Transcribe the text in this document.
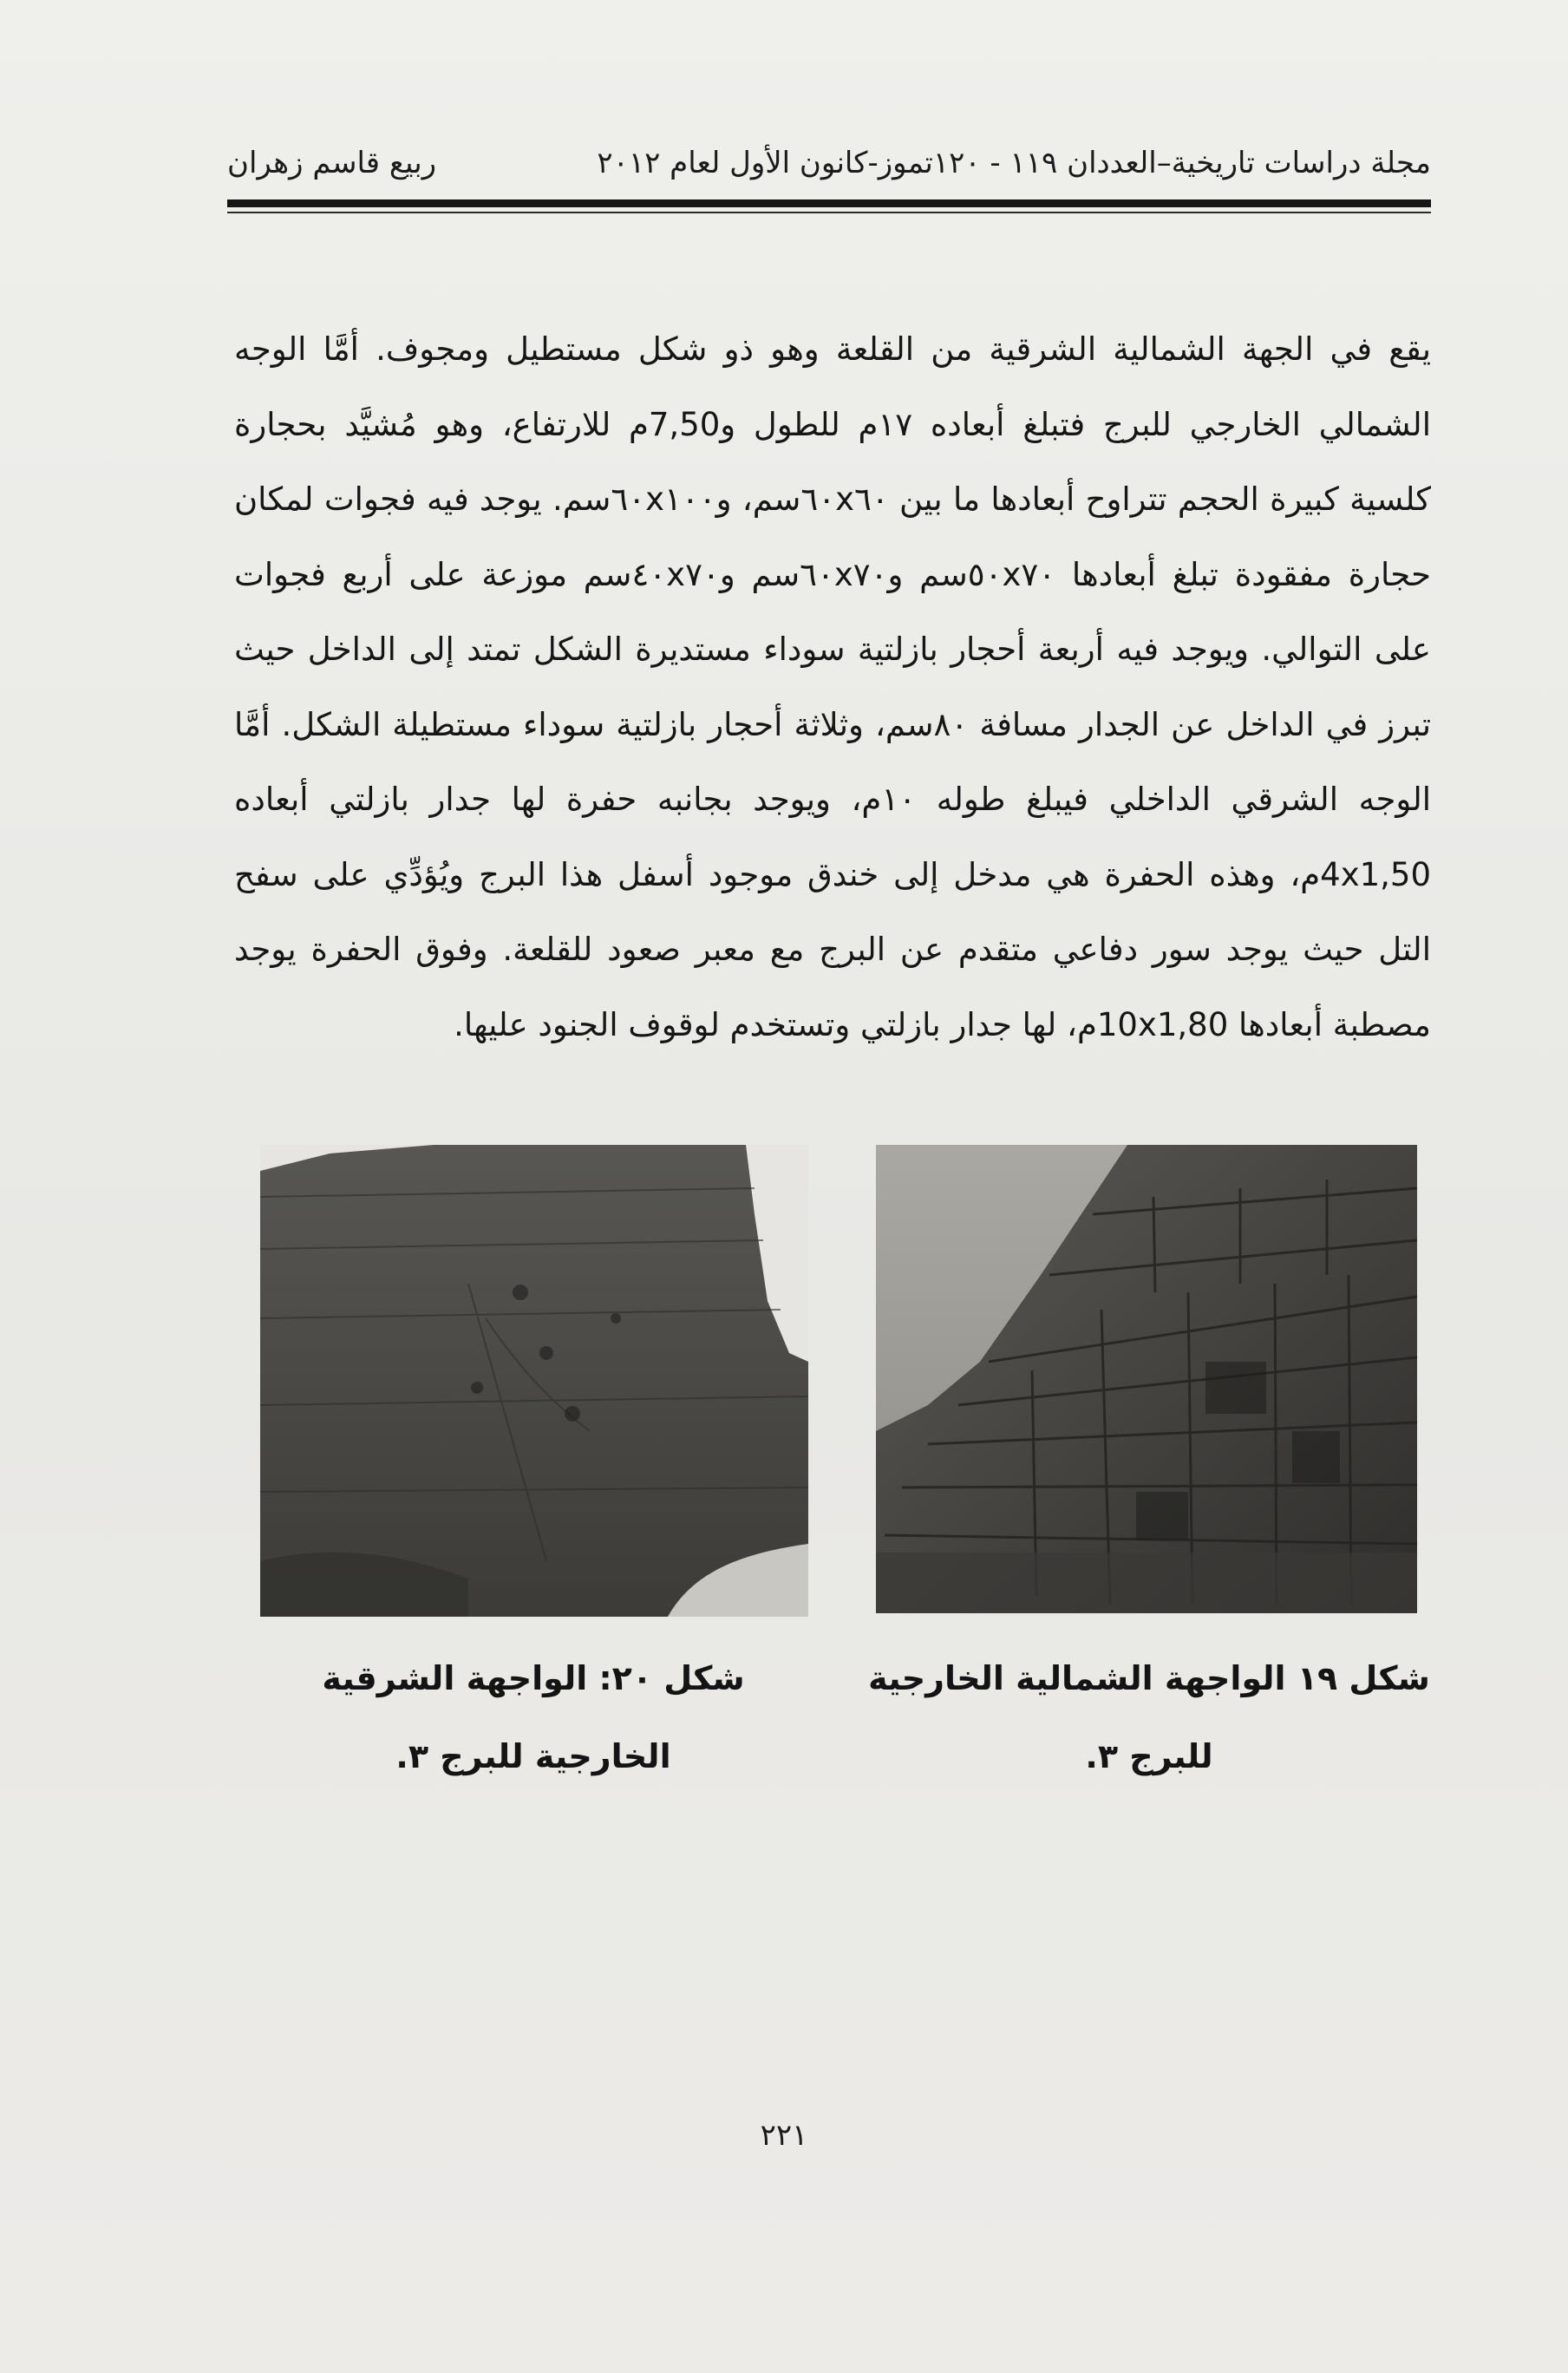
مجلة دراسات تاريخية–العددان ١١٩ - ١٢٠تموز-كانون الأول لعام ٢٠١٢
ربيع قاسم زهران

يقع في الجهة الشمالية الشرقية من القلعة وهو ذو شكل مستطيل ومجوف. أمَّا الوجه الشمالي الخارجي للبرج فتبلغ أبعاده ١٧م للطول و7,50م للارتفاع، وهو مُشيَّد بحجارة كلسية كبيرة الحجم تتراوح أبعادها ما بين ٦٠x٦٠سم، و٦٠x١٠٠سم. يوجد فيه فجوات لمكان حجارة مفقودة تبلغ أبعادها ٥٠x٧٠سم و٦٠x٧٠سم و٤٠x٧٠سم موزعة على أربع فجوات على التوالي. ويوجد فيه أربعة أحجار بازلتية سوداء مستديرة الشكل تمتد إلى الداخل حيث تبرز في الداخل عن الجدار مسافة ٨٠سم، وثلاثة أحجار بازلتية سوداء مستطيلة الشكل. أمَّا الوجه الشرقي الداخلي فيبلغ طوله ١٠م، ويوجد بجانبه حفرة لها جدار بازلتي أبعاده 4x1,50م، وهذه الحفرة هي مدخل إلى خندق موجود أسفل هذا البرج ويُؤدِّي على سفح التل حيث يوجد سور دفاعي متقدم عن البرج مع معبر صعود للقلعة. وفوق الحفرة يوجد مصطبة أبعادها 10x1,80م، لها جدار بازلتي وتستخدم لوقوف الجنود عليها.

شكل ١٩ الواجهة الشمالية الخارجية للبرج ٣.
شكل ٢٠: الواجهة الشرقية الخارجية للبرج ٣.
٢٢١
